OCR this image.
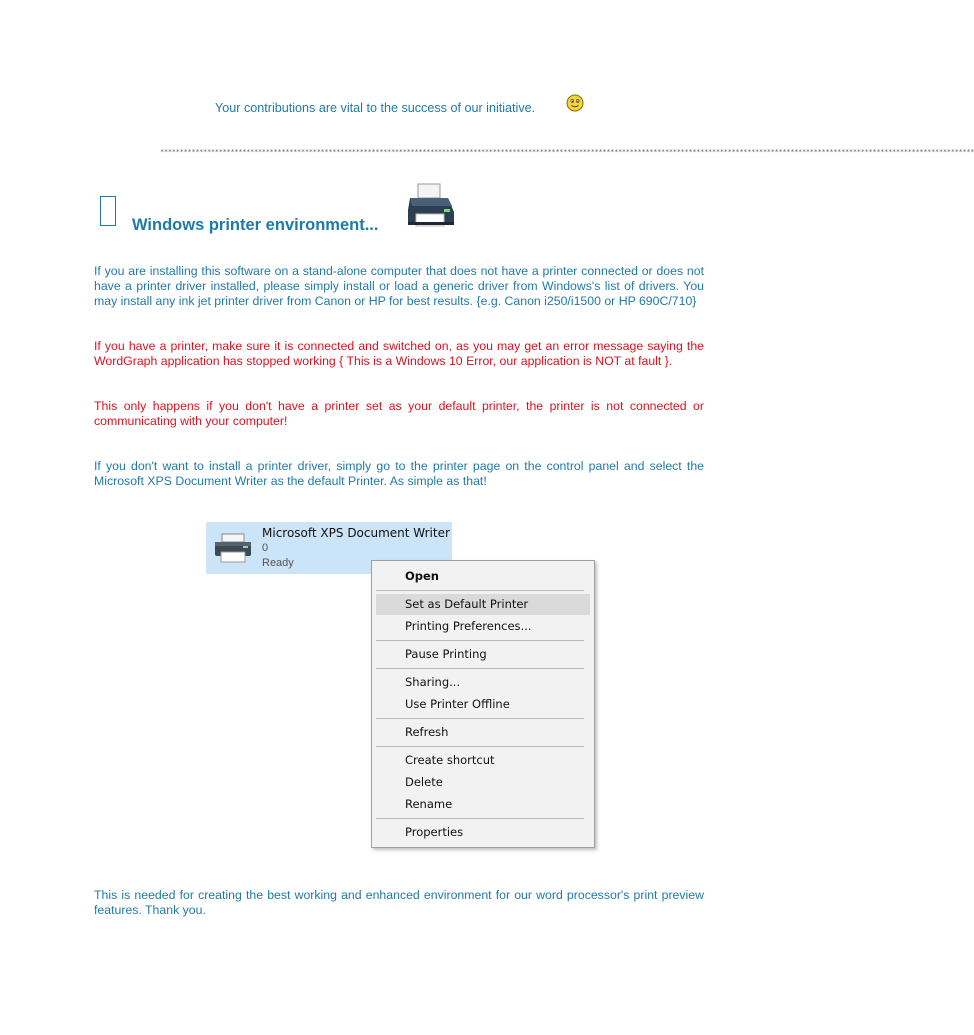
Your contributions are vital to the success of our initiative.
****************************************************************************************************************************************************************************************************************
Windows printer environment...
If you are installing this software on a stand-alone computer that does not have a printer connected or does not have a printer driver installed, please simply install or load a generic driver from Windows's list of drivers. You may install any ink jet printer driver from Canon or HP for best results. {e.g. Canon i250/i1500 or HP 690C/710}
If you have a printer, make sure it is connected and switched on, as you may get an error message saying the WordGraph application has stopped working { This is a Windows 10 Error, our application is NOT at fault }.
This only happens if you don't have a printer set as your default printer, the printer is not connected or communicating with your computer!
If you don't want to install a printer driver, simply go to the printer page on the control panel and select the Microsoft XPS Document Writer as the default Printer. As simple as that!
Microsoft XPS Document Writer
0
Ready
Open
Set as Default Printer
Printing Preferences...
Pause Printing
Sharing...
Use Printer Offline
Refresh
Create shortcut
Delete
Rename
Properties
This is needed for creating the best working and enhanced environment for our word processor's print preview features. Thank you.
